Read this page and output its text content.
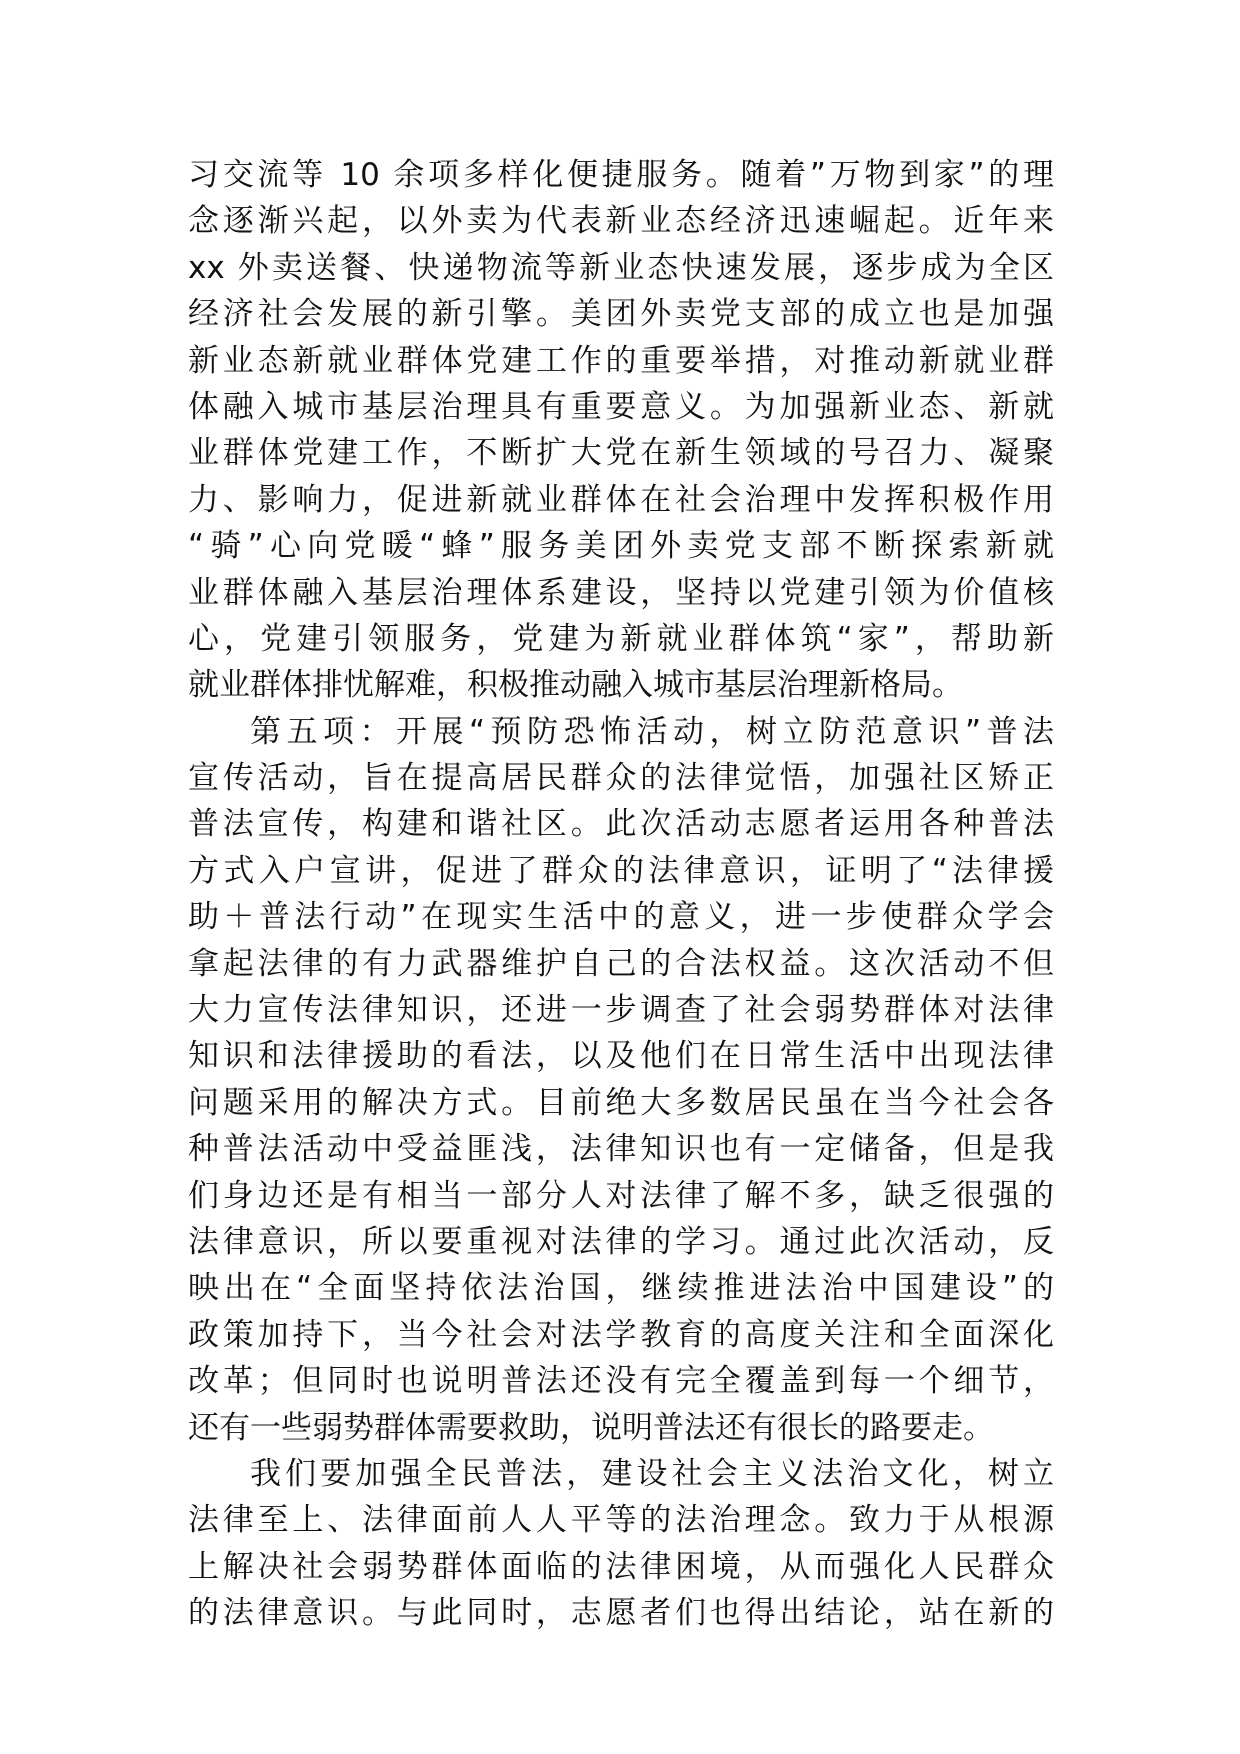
习交流等 10 余项多样化便捷服务。随着”万物到家”的理
念逐渐兴起，以外卖为代表新业态经济迅速崛起。近年来
xx 外卖送餐、快递物流等新业态快速发展，逐步成为全区
经济社会发展的新引擎。美团外卖党支部的成立也是加强
新业态新就业群体党建工作的重要举措，对推动新就业群
体融入城市基层治理具有重要意义。为加强新业态、新就
业群体党建工作，不断扩大党在新生领域的号召力、凝聚
力、影响力，促进新就业群体在社会治理中发挥积极作用
“骑”心向党暖“蜂”服务美团外卖党支部不断探索新就
业群体融入基层治理体系建设，坚持以党建引领为价值核
心，党建引领服务，党建为新就业群体筑“家”，帮助新
就业群体排忧解难，积极推动融入城市基层治理新格局。
第五项：开展“预防恐怖活动，树立防范意识”普法
宣传活动，旨在提高居民群众的法律觉悟，加强社区矫正
普法宣传，构建和谐社区。此次活动志愿者运用各种普法
方式入户宣讲，促进了群众的法律意识，证明了“法律援
助＋普法行动”在现实生活中的意义，进一步使群众学会
拿起法律的有力武器维护自己的合法权益。这次活动不但
大力宣传法律知识，还进一步调查了社会弱势群体对法律
知识和法律援助的看法，以及他们在日常生活中出现法律
问题采用的解决方式。目前绝大多数居民虽在当今社会各
种普法活动中受益匪浅，法律知识也有一定储备，但是我
们身边还是有相当一部分人对法律了解不多，缺乏很强的
法律意识，所以要重视对法律的学习。通过此次活动，反
映出在“全面坚持依法治国，继续推进法治中国建设”的
政策加持下，当今社会对法学教育的高度关注和全面深化
改革；但同时也说明普法还没有完全覆盖到每一个细节，
还有一些弱势群体需要救助，说明普法还有很长的路要走。
我们要加强全民普法，建设社会主义法治文化，树立
法律至上、法律面前人人平等的法治理念。致力于从根源
上解决社会弱势群体面临的法律困境，从而强化人民群众
的法律意识。与此同时，志愿者们也得出结论，站在新的
